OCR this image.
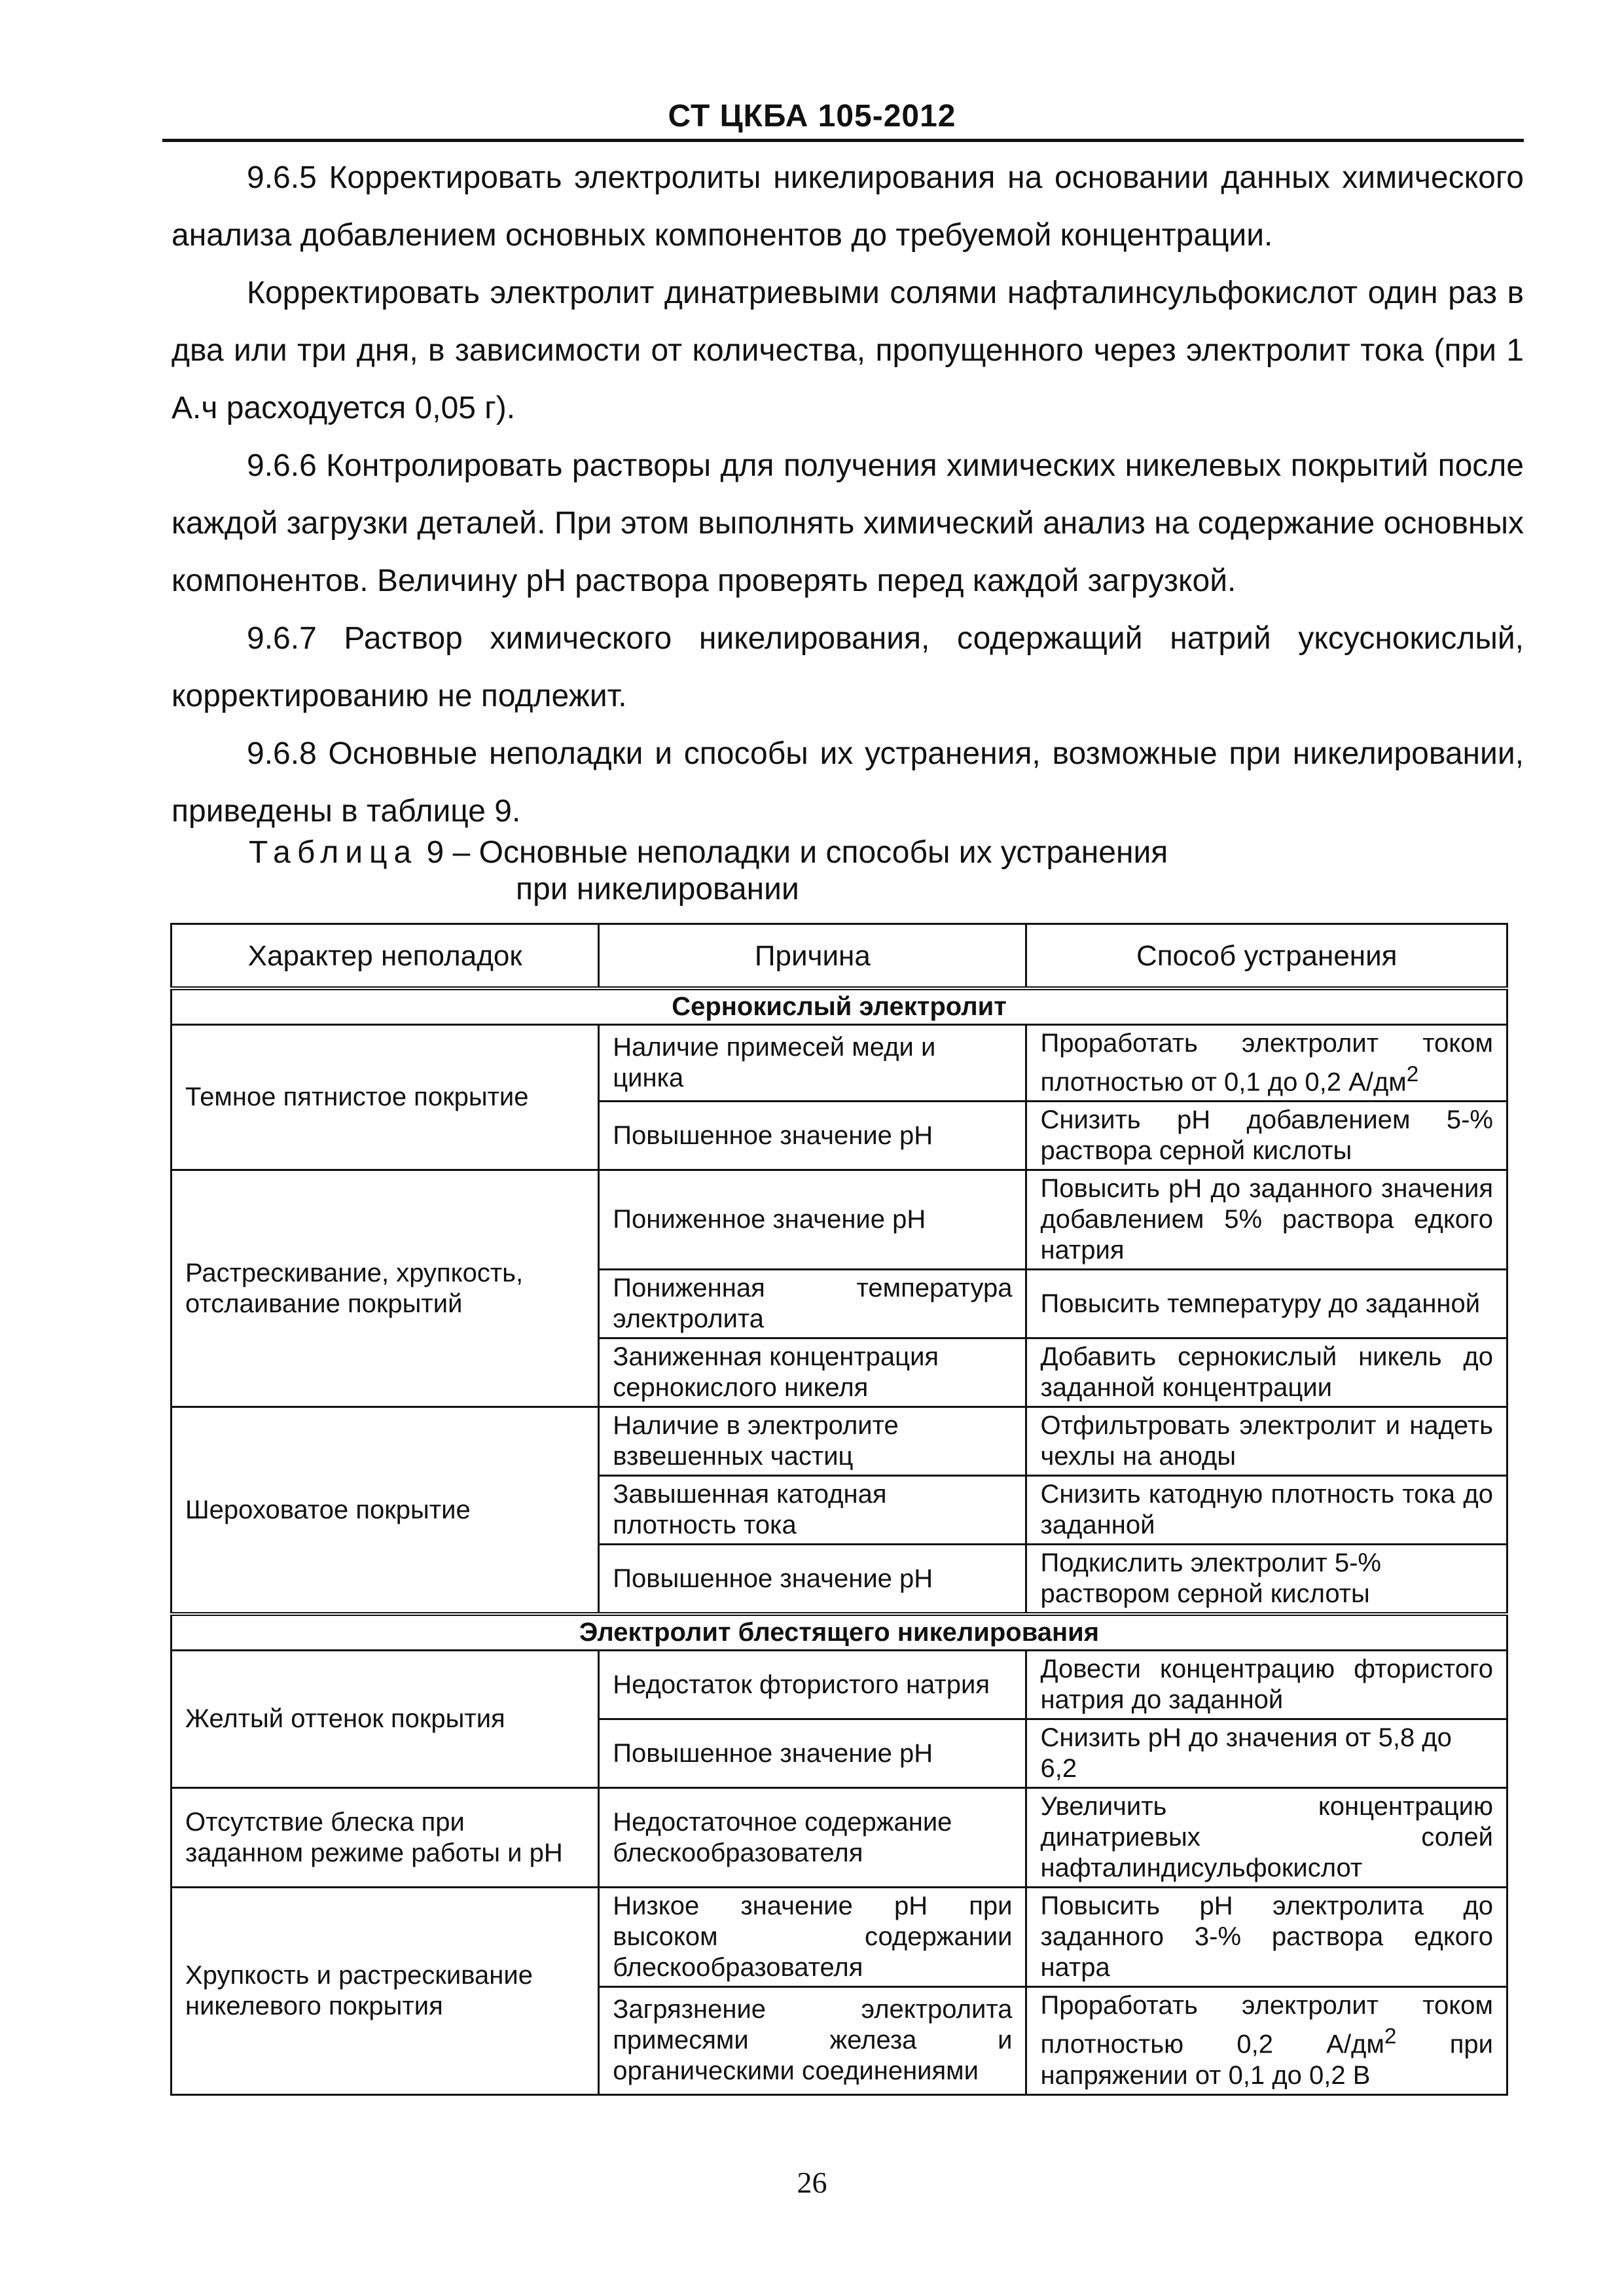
СТ ЦКБА 105-2012

9.6.5 Корректировать электролиты никелирования на основании данных химического анализа добавлением основных компонентов до требуемой концентрации.

Корректировать электролит динатриевыми солями нафталинсульфокислот один раз в два или три дня, в зависимости от количества, пропущенного через электролит тока (при 1 А.ч расходуется 0,05 г).

9.6.6 Контролировать растворы для получения химических никелевых покрытий после каждой загрузки деталей. При этом выполнять химический анализ на содержание основных компонентов. Величину рН раствора проверять перед каждой загрузкой.

9.6.7 Раствор химического никелирования, содержащий натрий уксуснокислый, корректированию не подлежит.

9.6.8 Основные неполадки и способы их устранения, возможные при никелировании, приведены в таблице 9.

Таблица 9 – Основные неполадки и способы их устранения
при никелировании
Характер неполадок	Причина	Способ устранения
Сернокислый электролит		
Темное пятнистое покрытие	Наличие примесей меди и цинка	Проработать электролит током плотностью от 0,1 до 0,2 $А/дм^2$
	Повышенное значение рН	Снизить рН добавлением 5-% раствора серной кислоты
Растрескивание, хрупкость, отслаивание покрытий	Пониженное значение рН	Повысить рН до заданного значения добавлением 5% раствора едкого натрия
	Пониженная температура электролита	Повысить температуру до заданной
	Заниженная концентрация сернокислого никеля	Добавить сернокислый никель до заданной концентрации
Шероховатое покрытие	Наличие в электролите взвешенных частиц	Отфильтровать электролит и надеть чехлы на аноды
	Завышенная катодная плотность тока	Снизить катодную плотность тока до заданной
	Повышенное значение рН	Подкислить электролит 5-% раствором серной кислоты
Электролит блестящего никелирования		
Желтый оттенок покрытия	Недостаток фтористого натрия	Довести концентрацию фтористого натрия до заданной
	Повышенное значение рН	Снизить рН до значения от 5,8 до 6,2
Отсутствие блеска при заданном режиме работы и рН	Недостаточное содержание блескообразователя	Увеличить концентрацию динатриевых солей нафталиндисульфокислот
Хрупкость и растрескивание никелевого покрытия	Низкое значение рН при высоком содержании блескообразователя	Повысить рН электролита до заданного 3-% раствора едкого натра
	Загрязнение электролита примесями железа и органическими соединениями	Проработать электролит током плотностью 0,2 $А/дм^2$ при напряжении от 0,1 до 0,2 В
26
